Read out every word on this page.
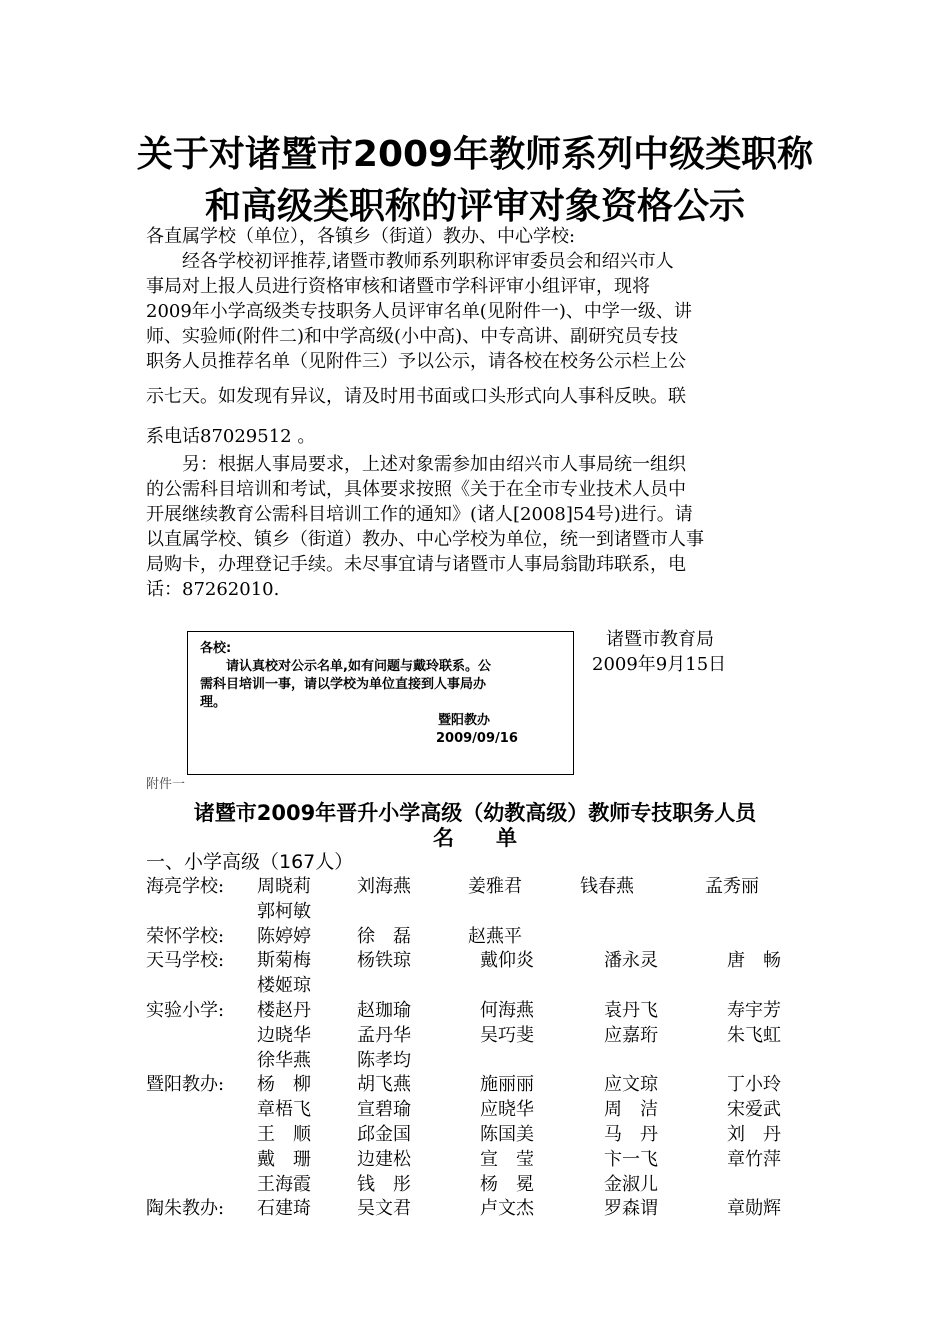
关于对诸暨市2009年教师系列中级类职称
和高级类职称的评审对象资格公示

各直属学校（单位），各镇乡（街道）教办、中心学校:

　　经各学校初评推荐,诸暨市教师系列职称评审委员会和绍兴市人

事局对上报人员进行资格审核和诸暨市学科评审小组评审，现将

2009年小学高级类专技职务人员评审名单(见附件一)、中学一级、讲

师、实验师(附件二)和中学高级(小中高)、中专高讲、副研究员专技

职务人员推荐名单（见附件三）予以公示，请各校在校务公示栏上公

示七天。如发现有异议，请及时用书面或口头形式向人事科反映。联

系电话87029512 。

　　另：根据人事局要求，上述对象需参加由绍兴市人事局统一组织

的公需科目培训和考试，具体要求按照《关于在全市专业技术人员中

开展继续教育公需科目培训工作的通知》(诸人[2008]54号)进行。请

以直属学校、镇乡（街道）教办、中心学校为单位，统一到诸暨市人事

局购卡，办理登记手续。未尽事宜请与诸暨市人事局翁勖玮联系，电

话：87262010.

诸暨市教育局
2009年9月15日
附件一
诸暨市2009年晋升小学高级（幼教高级）教师专技职务人员
名　　单
各校:
　　请认真校对公示名单,如有问题与戴玲联系。公
需科目培训一事，请以学校为单位直接到人事局办
理。
暨阳教办
2009/09/16
一、小学高级（167人）
海亮学校: 周晓莉	刘海燕	姜雅君	钱春燕	孟秀丽
郭柯敏
荣怀学校: 陈婷婷	徐　磊	赵燕平
天马学校: 斯菊梅	杨铁琼	戴仰炎	潘永灵	唐　畅
楼姬琼
实验小学: 楼赵丹	赵珈瑜	何海燕	袁丹飞	寿宇芳
边晓华	孟丹华	吴巧斐	应嘉珩	朱飞虹
徐华燕	陈孝均
暨阳教办: 杨　柳	胡飞燕	施丽丽	应文琼	丁小玲
章梧飞	宣碧瑜	应晓华	周　洁	宋爱武
王　顺	邱金国	陈国美	马　丹	刘　丹
戴　珊	边建松	宣　莹	卞一飞	章竹萍
王海霞	钱　彤	杨　冕	金淑儿
陶朱教办: 石建琦	吴文君	卢文杰	罗森谓	章勋辉
